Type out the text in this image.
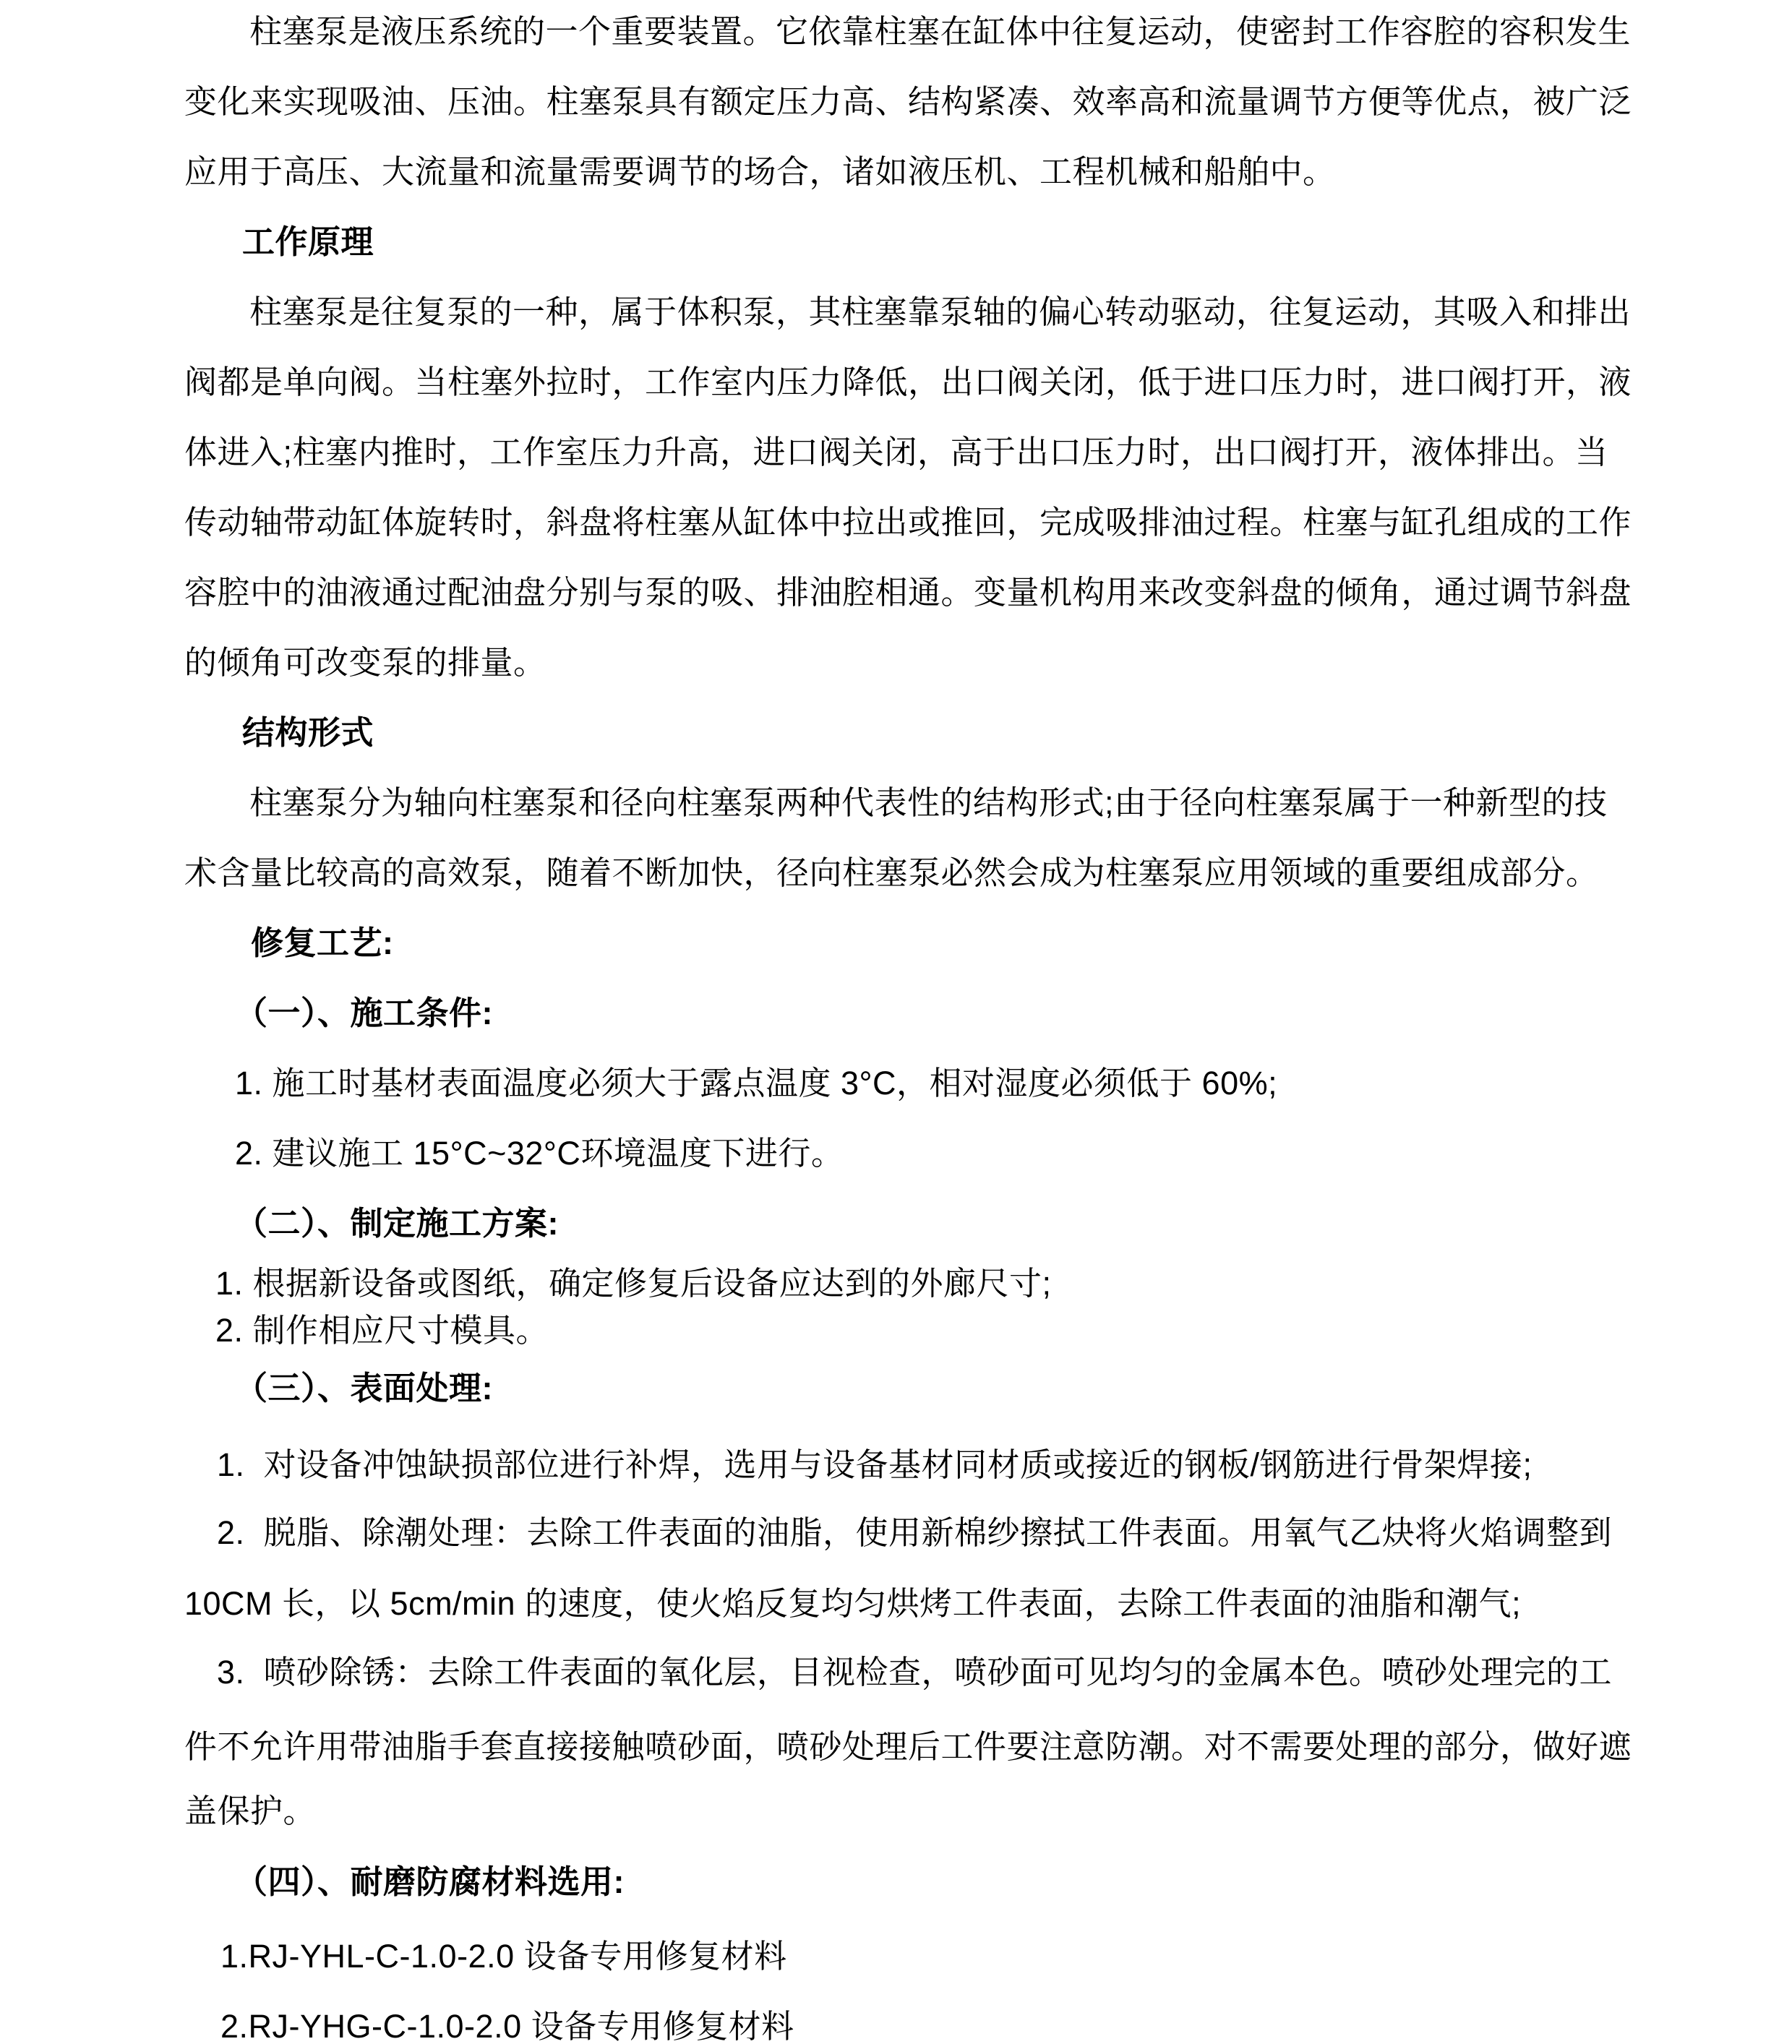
柱塞泵是液压系统的一个重要装置。它依靠柱塞在缸体中往复运动，使密封工作容腔的容积发生
变化来实现吸油、压油。柱塞泵具有额定压力高、结构紧凑、效率高和流量调节方便等优点，被广泛
应用于高压、大流量和流量需要调节的场合，诸如液压机、工程机械和船舶中。
工作原理
柱塞泵是往复泵的一种，属于体积泵，其柱塞靠泵轴的偏心转动驱动，往复运动，其吸入和排出
阀都是单向阀。当柱塞外拉时，工作室内压力降低，出口阀关闭，低于进口压力时，进口阀打开，液
体进入;柱塞内推时，工作室压力升高，进口阀关闭，高于出口压力时，出口阀打开，液体排出。当
传动轴带动缸体旋转时，斜盘将柱塞从缸体中拉出或推回，完成吸排油过程。柱塞与缸孔组成的工作
容腔中的油液通过配油盘分别与泵的吸、排油腔相通。变量机构用来改变斜盘的倾角，通过调节斜盘
的倾角可改变泵的排量。
结构形式
柱塞泵分为轴向柱塞泵和径向柱塞泵两种代表性的结构形式;由于径向柱塞泵属于一种新型的技
术含量比较高的高效泵，随着不断加快，径向柱塞泵必然会成为柱塞泵应用领域的重要组成部分。
修复工艺:
（一）、施工条件:
1. 施工时基材表面温度必须大于露点温度 3°C，相对湿度必须低于 60%;
2. 建议施工 15°C~32°C环境温度下进行。
（二）、制定施工方案:
1. 根据新设备或图纸，确定修复后设备应达到的外廊尺寸;
2. 制作相应尺寸模具。
（三）、表面处理:
1.  对设备冲蚀缺损部位进行补焊，选用与设备基材同材质或接近的钢板/钢筋进行骨架焊接;
2.  脱脂、除潮处理：去除工件表面的油脂，使用新棉纱擦拭工件表面。用氧气乙炔将火焰调整到
10CM 长，以 5cm/min 的速度，使火焰反复均匀烘烤工件表面，去除工件表面的油脂和潮气;
3.  喷砂除锈：去除工件表面的氧化层，目视检查，喷砂面可见均匀的金属本色。喷砂处理完的工
件不允许用带油脂手套直接接触喷砂面，喷砂处理后工件要注意防潮。对不需要处理的部分，做好遮
盖保护。
（四）、耐磨防腐材料选用:
1.RJ-YHL-C-1.0-2.0 设备专用修复材料
2.RJ-YHG-C-1.0-2.0 设备专用修复材料
